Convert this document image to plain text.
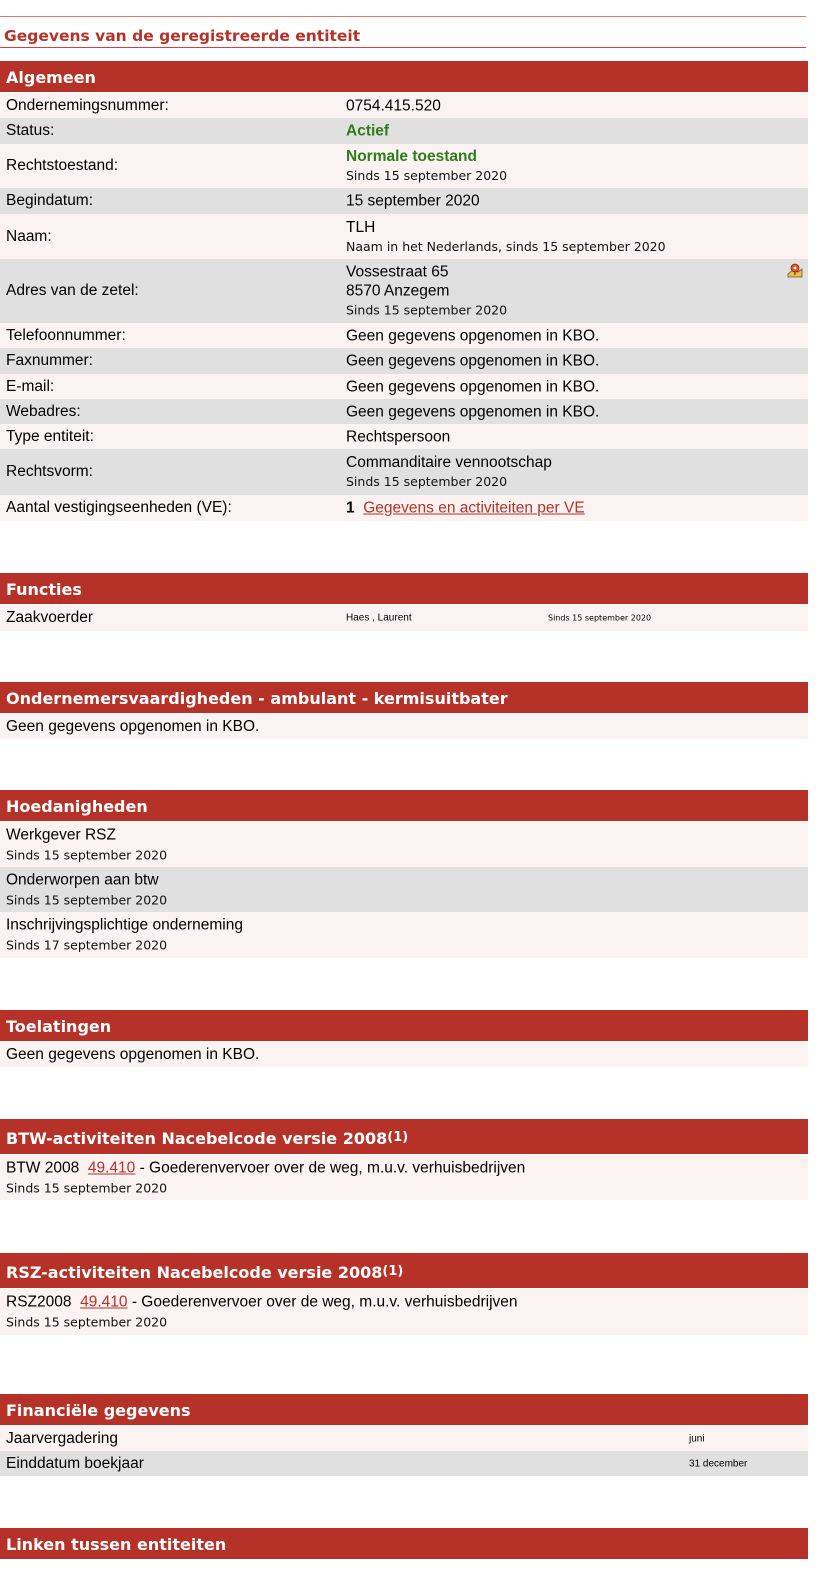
Gegevens van de geregistreerde entiteit
Algemeen
Ondernemingsnummer:	0754.415.520
Status:	Actief
Rechtstoestand:
Normale toestand
Sinds 15 september 2020
Begindatum:	15 september 2020
Naam:
TLH
Naam in het Nederlands, sinds 15 september 2020
Adres van de zetel:
Vossestraat 65
8570 Anzegem
Sinds 15 september 2020
Telefoonnummer:	Geen gegevens opgenomen in KBO.
Faxnummer:	Geen gegevens opgenomen in KBO.
E-mail:	Geen gegevens opgenomen in KBO.
Webadres:	Geen gegevens opgenomen in KBO.
Type entiteit:	Rechtspersoon
Rechtsvorm:
Commanditaire vennootschap
Sinds 15 september 2020
Aantal vestigingseenheden (VE):	1 Gegevens en activiteiten per VE
Functies
Zaakvoerder	Haes , Laurent	Sinds 15 september 2020
Ondernemersvaardigheden - ambulant - kermisuitbater
Geen gegevens opgenomen in KBO.
Hoedanigheden
Werkgever RSZ
Sinds 15 september 2020
Onderworpen aan btw
Sinds 15 september 2020
Inschrijvingsplichtige onderneming
Sinds 17 september 2020
Toelatingen
Geen gegevens opgenomen in KBO.
BTW-activiteiten Nacebelcode versie 2008$^{(1)}$
BTW 2008 49.410 - Goederenvervoer over de weg, m.u.v. verhuisbedrijven
Sinds 15 september 2020
RSZ-activiteiten Nacebelcode versie 2008$^{(1)}$
RSZ2008 49.410 - Goederenvervoer over de weg, m.u.v. verhuisbedrijven
Sinds 15 september 2020
Financiële gegevens
Jaarvergadering	juni
Einddatum boekjaar	31 december
Linken tussen entiteiten
